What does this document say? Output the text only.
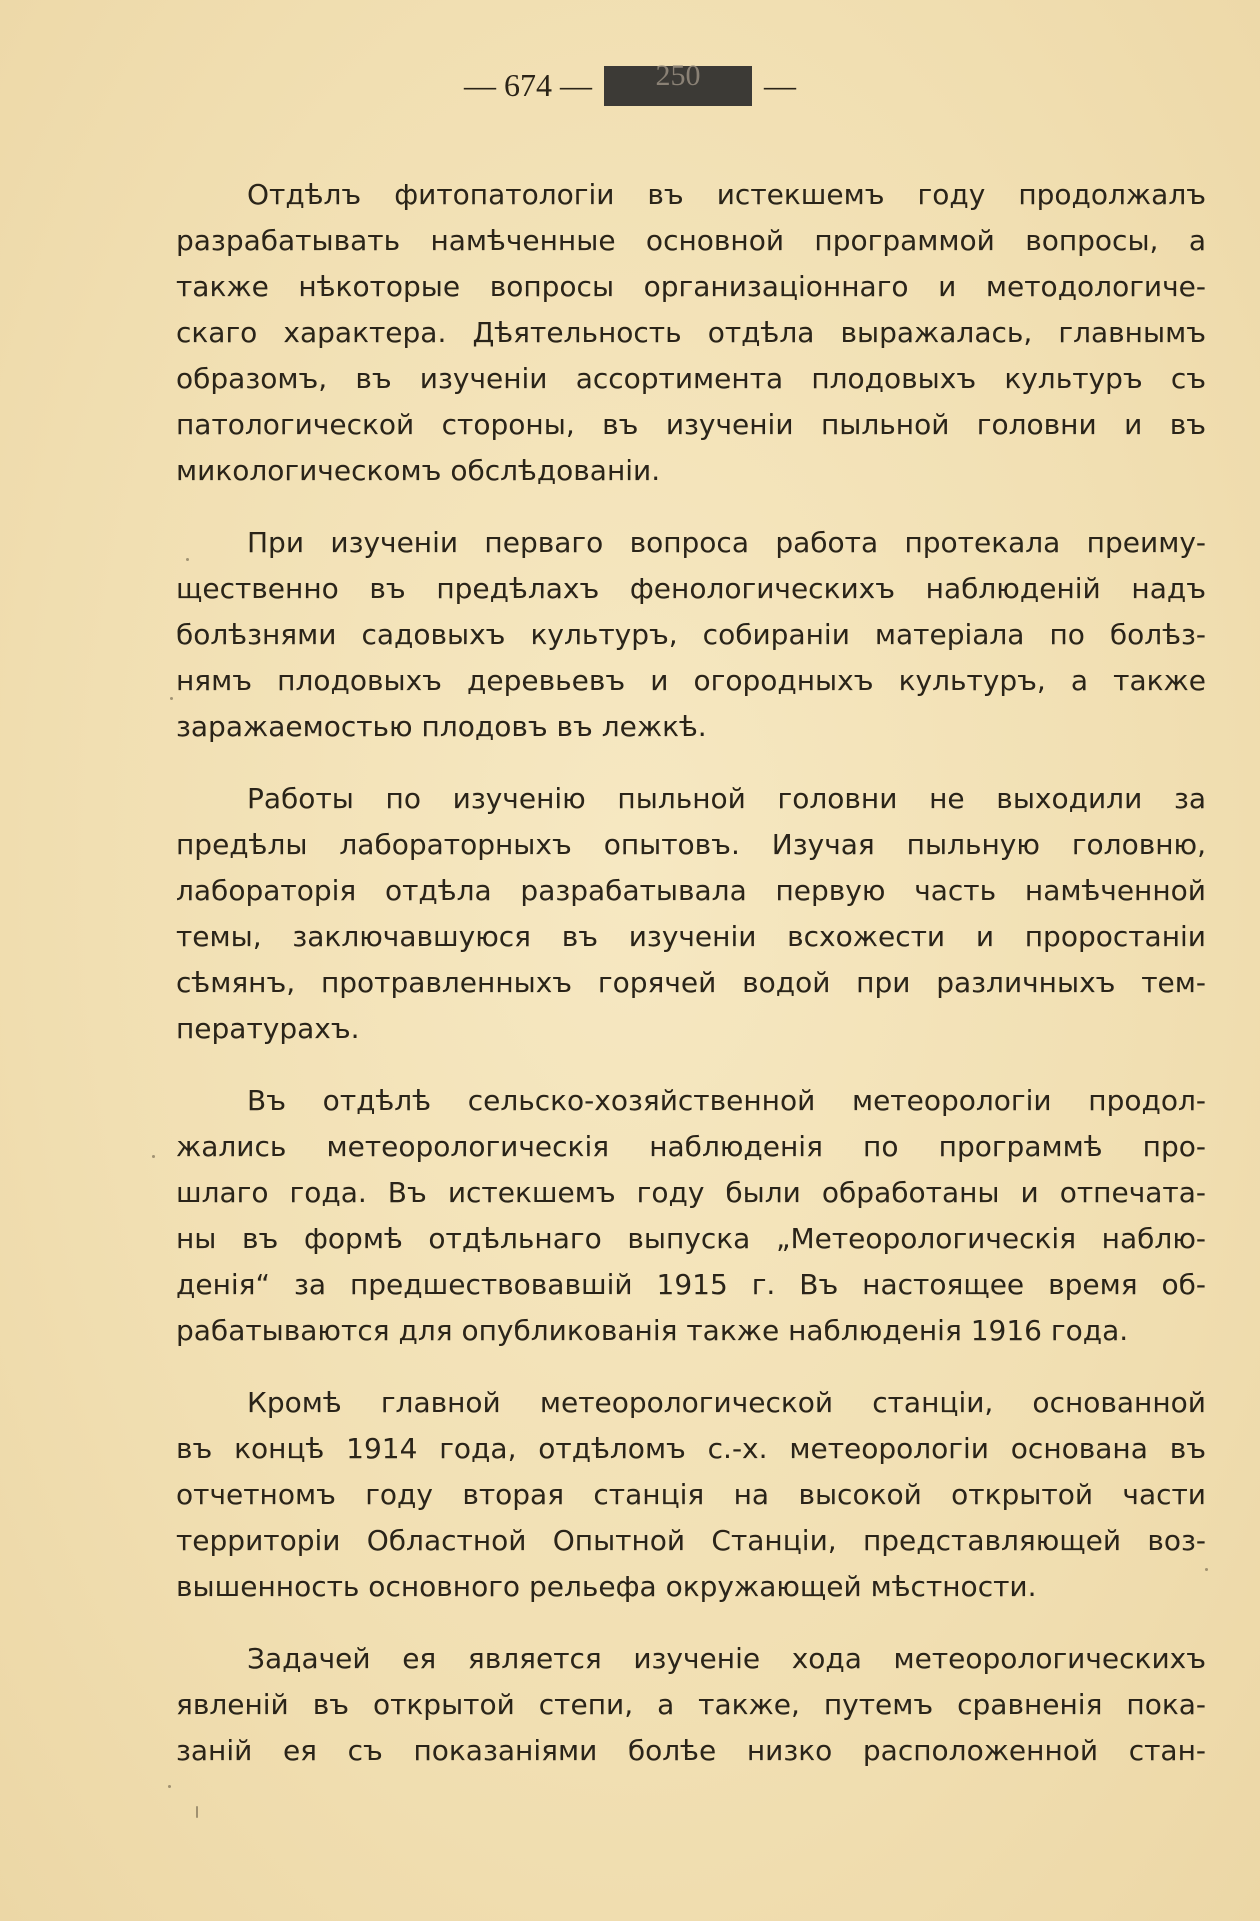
— 674 — 250 —
Отдѣлъ фитопатологіи въ истекшемъ году продолжалъ
разрабатывать намѣченные основной программой вопросы, а
также нѣкоторые вопросы организаціоннаго и методологиче-
скаго характера. Дѣятельность отдѣла выражалась, главнымъ
образомъ, въ изученіи ассортимента плодовыхъ культуръ съ
патологической стороны, въ изученіи пыльной головни и въ
микологическомъ обслѣдованіи.
При изученіи перваго вопроса работа протекала преиму-
щественно въ предѣлахъ фенологическихъ наблюденій надъ
болѣзнями садовыхъ культуръ, собираніи матеріала по болѣз-
нямъ плодовыхъ деревьевъ и огородныхъ культуръ, а также
заражаемостью плодовъ въ лежкѣ.
Работы по изученію пыльной головни не выходили за
предѣлы лабораторныхъ опытовъ. Изучая пыльную головню,
лабораторія отдѣла разрабатывала первую часть намѣченной
темы, заключавшуюся въ изученіи всхожести и проростаніи
сѣмянъ, протравленныхъ горячей водой при различныхъ тем-
пературахъ.
Въ отдѣлѣ сельско-хозяйственной метеорологіи продол-
жались метеорологическія наблюденія по программѣ про-
шлаго года. Въ истекшемъ году были обработаны и отпечата-
ны въ формѣ отдѣльнаго выпуска „Метеорологическія наблю-
денія“ за предшествовавшій 1915 г. Въ настоящее время об-
рабатываются для опубликованія также наблюденія 1916 года.
Кромѣ главной метеорологической станціи, основанной
въ концѣ 1914 года, отдѣломъ с.-х. метеорологіи основана въ
отчетномъ году вторая станція на высокой открытой части
территоріи Областной Опытной Станціи, представляющей воз-
вышенность основного рельефа окружающей мѣстности.
Задачей ея является изученіе хода метеорологическихъ
явленій въ открытой степи, а также, путемъ сравненія пока-
заній ея съ показаніями болѣе низко расположенной стан-
